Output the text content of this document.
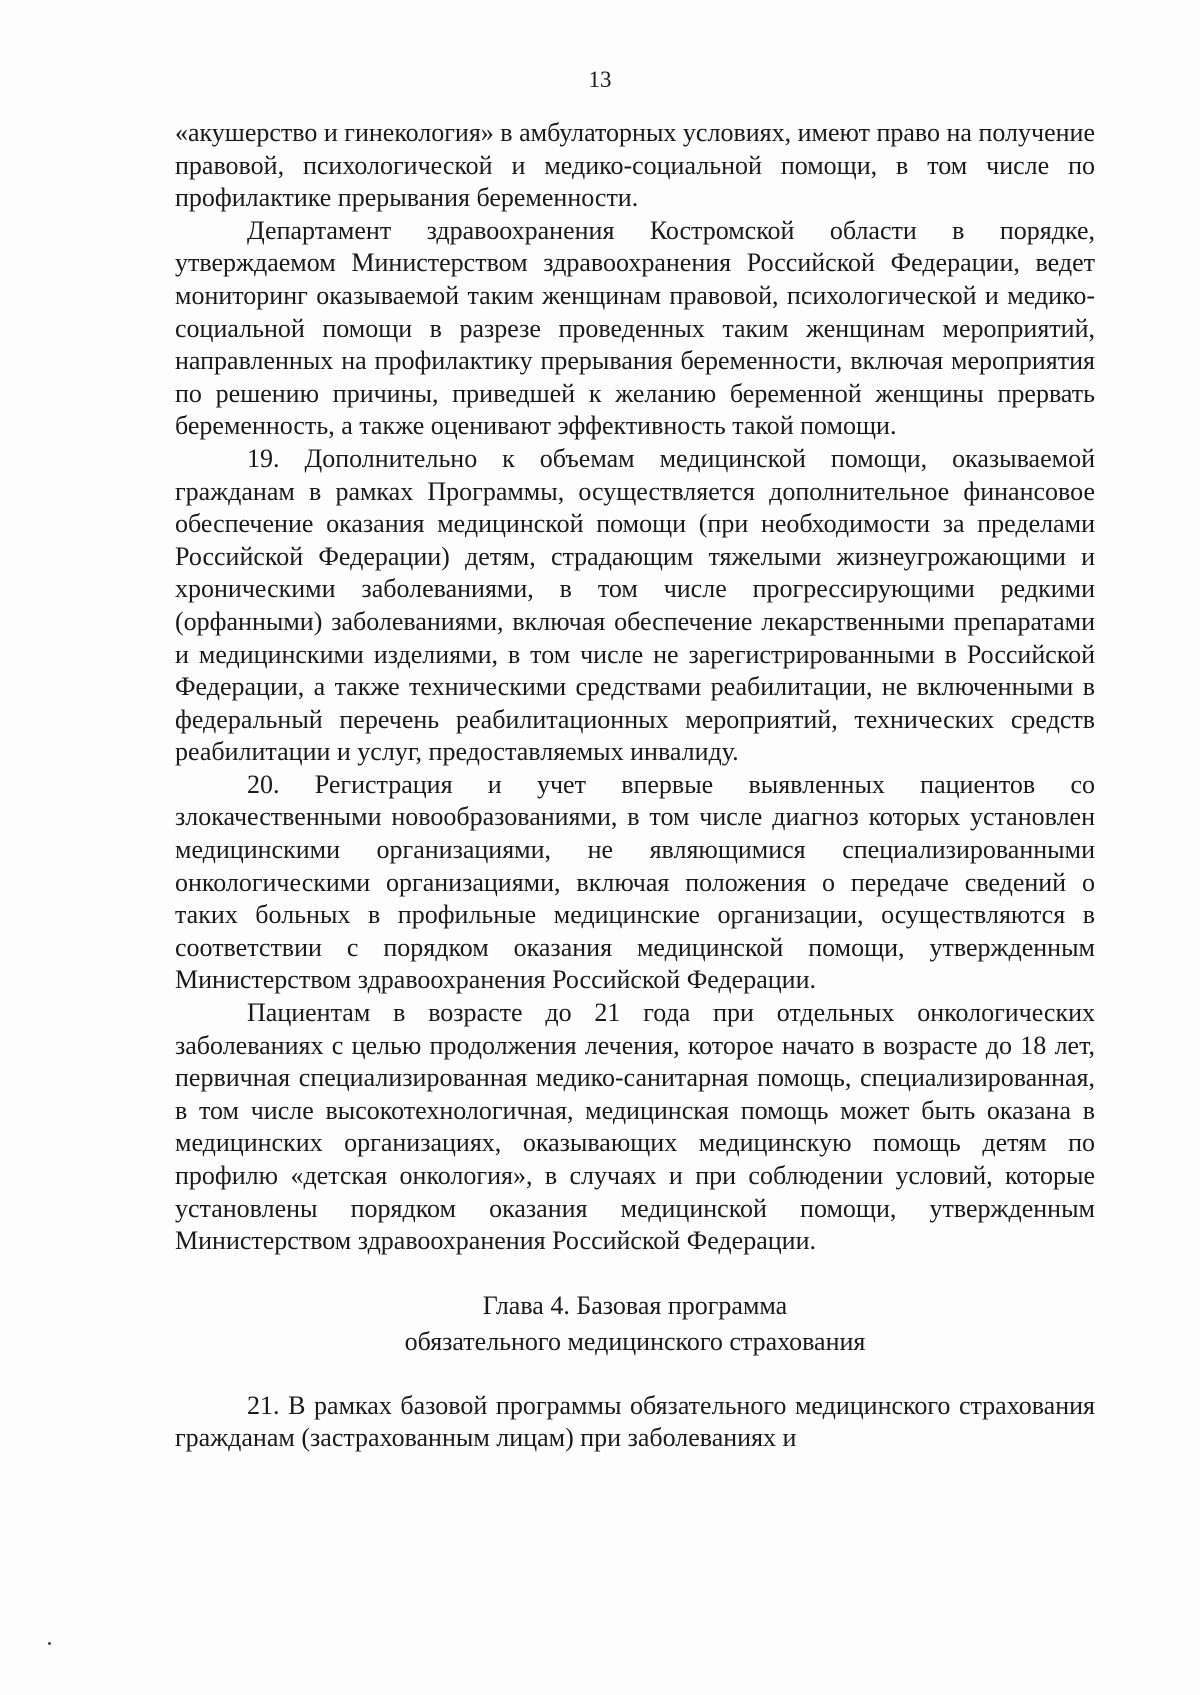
13

«акушерство и гинекология» в амбулаторных условиях, имеют право на получение правовой, психологической и медико-социальной помощи, в том числе по профилактике прерывания беременности.

Департамент здравоохранения Костромской области в порядке, утверждаемом Министерством здравоохранения Российской Федерации, ведет мониторинг оказываемой таким женщинам правовой, психологической и медико-социальной помощи в разрезе проведенных таким женщинам мероприятий, направленных на профилактику прерывания беременности, включая мероприятия по решению причины, приведшей к желанию беременной женщины прервать беременность, а также оценивают эффективность такой помощи.

19. Дополнительно к объемам медицинской помощи, оказываемой гражданам в рамках Программы, осуществляется дополнительное финансовое обеспечение оказания медицинской помощи (при необходимости за пределами Российской Федерации) детям, страдающим тяжелыми жизнеугрожающими и хроническими заболеваниями, в том числе прогрессирующими редкими (орфанными) заболеваниями, включая обеспечение лекарственными препаратами и медицинскими изделиями, в том числе не зарегистрированными в Российской Федерации, а также техническими средствами реабилитации, не включенными в федеральный перечень реабилитационных мероприятий, технических средств реабилитации и услуг, предоставляемых инвалиду.

20. Регистрация и учет впервые выявленных пациентов со злокачественными новообразованиями, в том числе диагноз которых установлен медицинскими организациями, не являющимися специализированными онкологическими организациями, включая положения о передаче сведений о таких больных в профильные медицинские организации, осуществляются в соответствии с порядком оказания медицинской помощи, утвержденным Министерством здравоохранения Российской Федерации.

Пациентам в возрасте до 21 года при отдельных онкологических заболеваниях с целью продолжения лечения, которое начато в возрасте до 18 лет, первичная специализированная медико-санитарная помощь, специализированная, в том числе высокотехнологичная, медицинская помощь может быть оказана в медицинских организациях, оказывающих медицинскую помощь детям по профилю «детская онкология», в случаях и при соблюдении условий, которые установлены порядком оказания медицинской помощи, утвержденным Министерством здравоохранения Российской Федерации.

Глава 4. Базовая программа
обязательного медицинского страхования

21. В рамках базовой программы обязательного медицинского страхования гражданам (застрахованным лицам) при заболеваниях и
